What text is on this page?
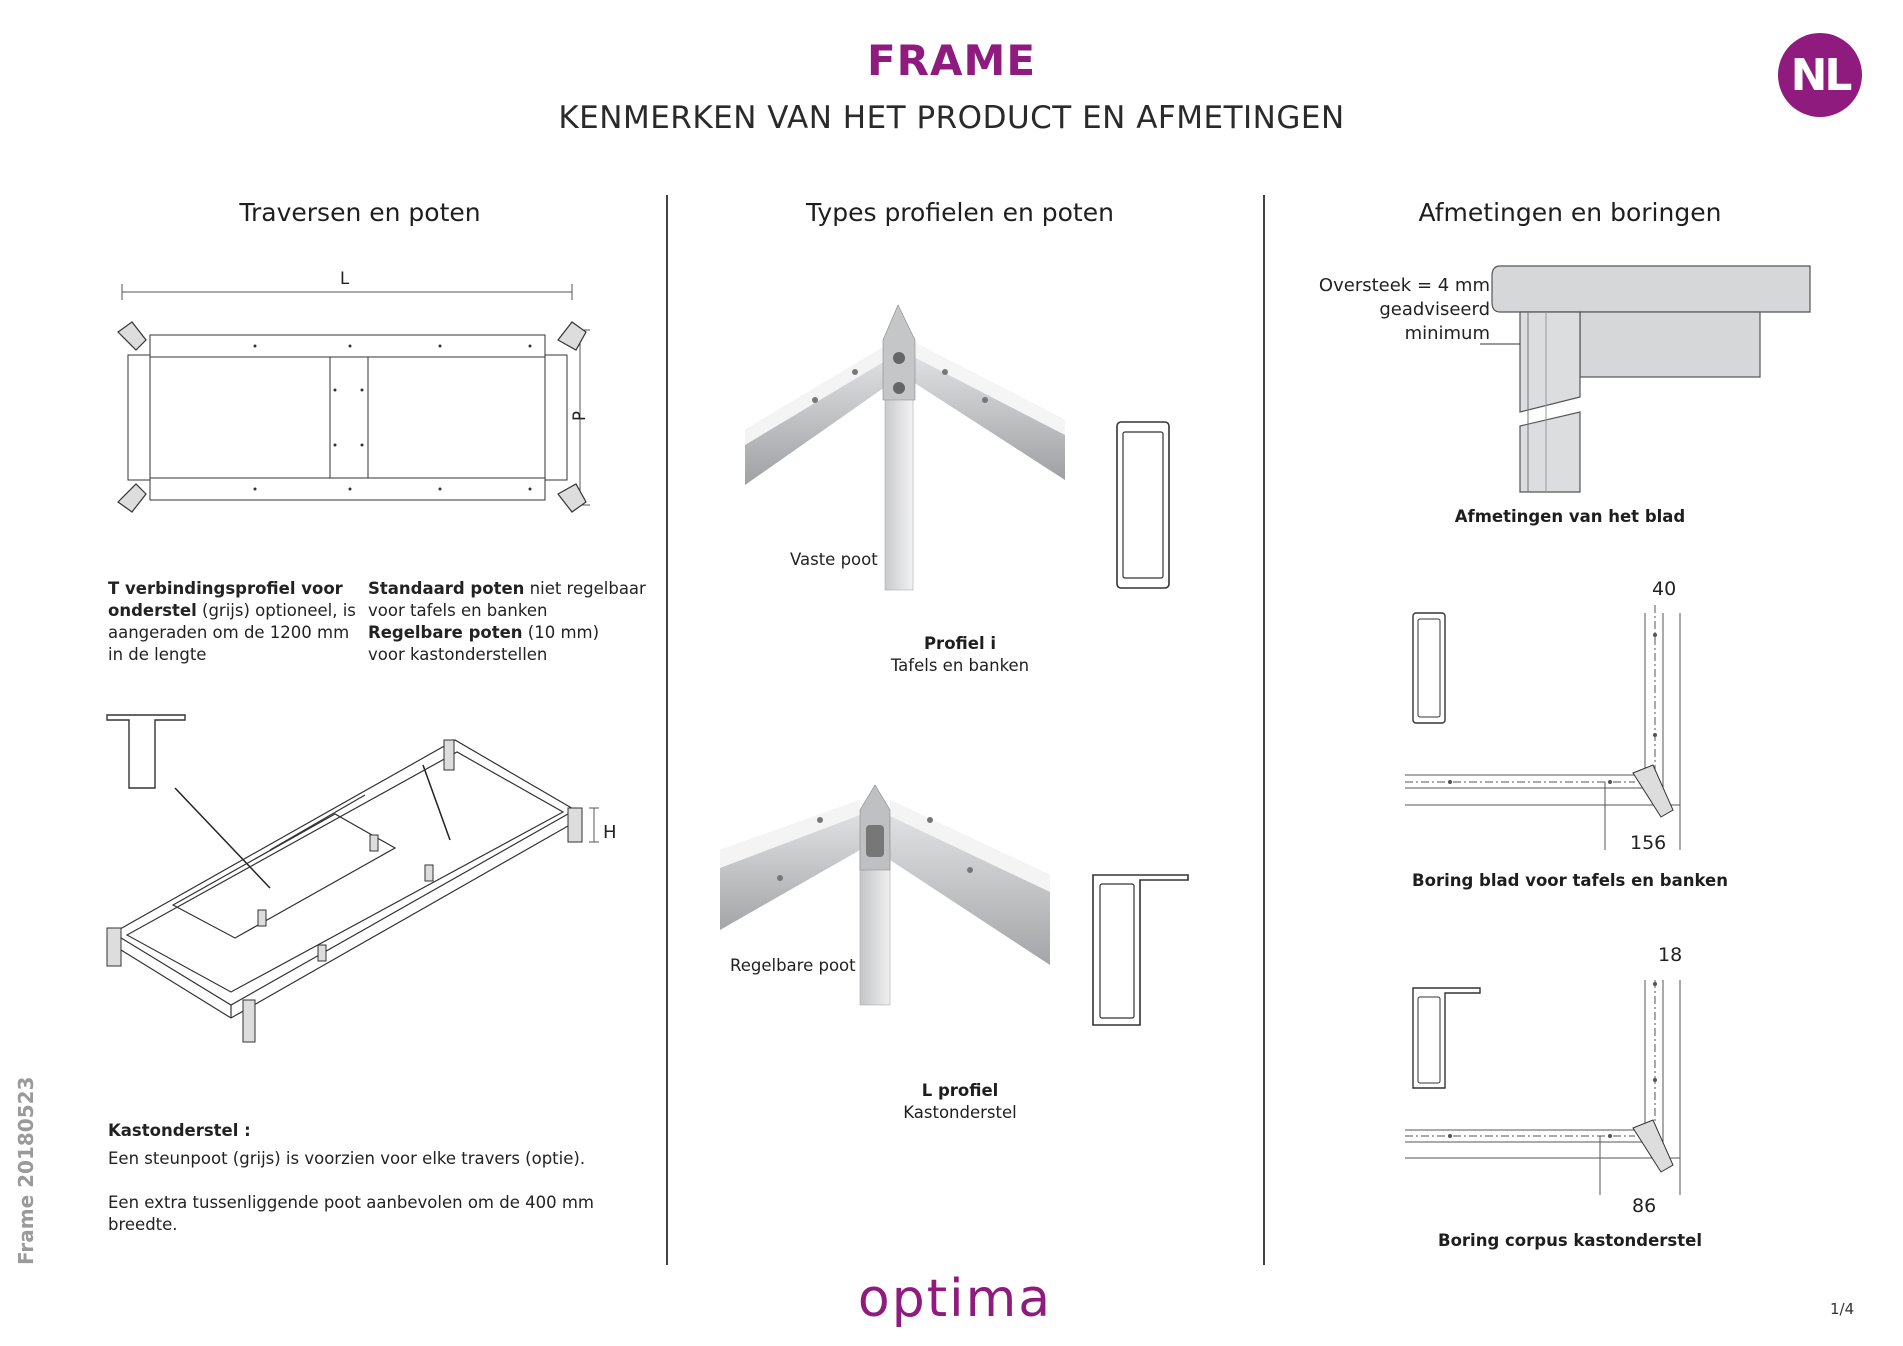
FRAME
KENMERKEN VAN HET PRODUCT EN AFMETINGEN
NL
Traversen en poten	Types profielen en poten	Afmetingen en boringen
L
P
T verbindingsprofiel voor
onderstel (grijs) optioneel, is
aangeraden om de 1200 mm
in de lengte
Standaard poten niet regelbaar
voor tafels en banken
Regelbare poten (10 mm)
voor kastonderstellen
H
Kastonderstel :
Een steunpoot (grijs) is voorzien voor elke travers (optie).
Een extra tussenliggende poot aanbevolen om de 400 mm
breedte.
Vaste poot
Profiel i
Tafels en banken
Regelbare poot
L profiel
Kastonderstel
Oversteek = 4 mm
geadviseerd
minimum
Afmetingen van het blad
40
156
Boring blad voor tafels en banken
18
86
Boring corpus kastonderstel
Frame 20180523
optima	1/4
